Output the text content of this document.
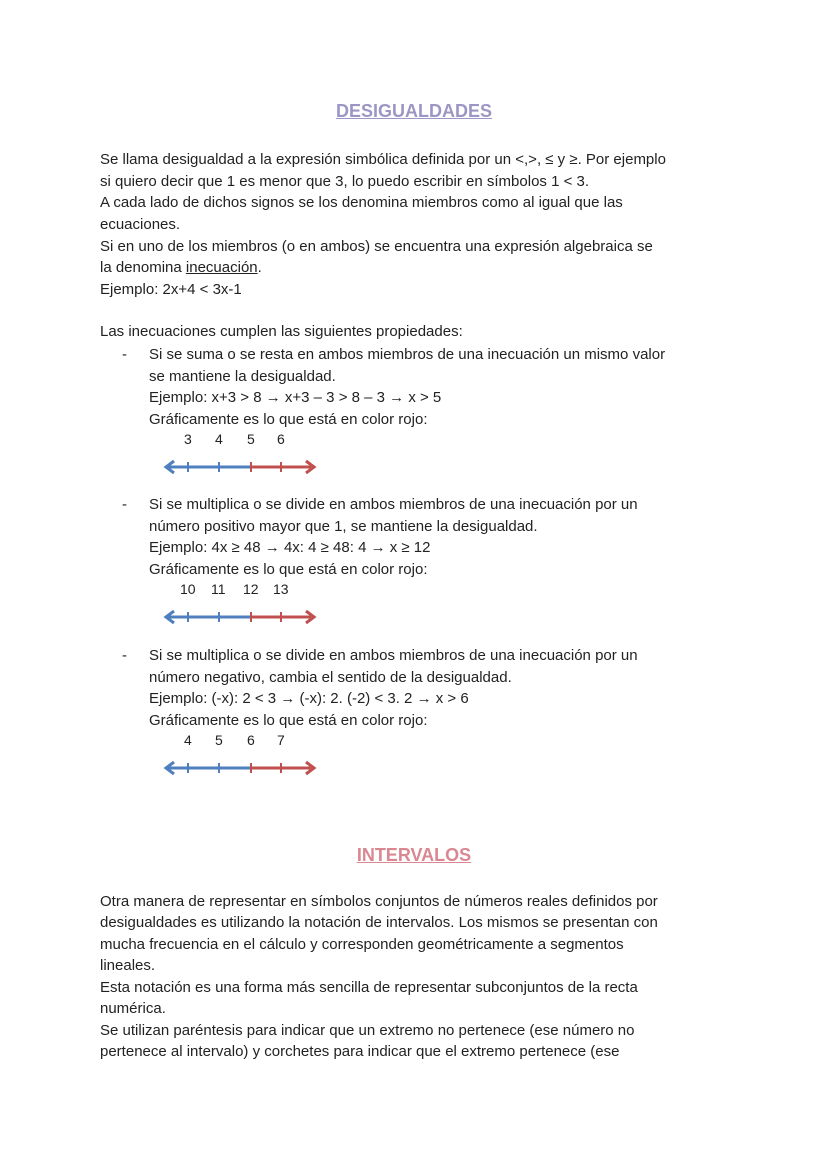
DESIGUALDADES
Se llama desigualdad a la expresión simbólica definida por un <,>, ≤ y ≥. Por ejemplo
si quiero decir que 1 es menor que 3, lo puedo escribir en símbolos 1 < 3.
A cada lado de dichos signos se los denomina miembros como al igual que las
ecuaciones.
Si en uno de los miembros (o en ambos) se encuentra una expresión algebraica se
la denomina inecuación.
Ejemplo: 2x+4 < 3x-1
Las inecuaciones cumplen las siguientes propiedades:
INTERVALOS
Otra manera de representar en símbolos conjuntos de números reales definidos por
desigualdades es utilizando la notación de intervalos. Los mismos se presentan con
mucha frecuencia en el cálculo y corresponden geométricamente a segmentos
lineales.
Esta notación es una forma más sencilla de representar subconjuntos de la recta
numérica.
Se utilizan paréntesis para indicar que un extremo no pertenece (ese número no
pertenece al intervalo) y corchetes para indicar que el extremo pertenece (ese
- Si se suma o se resta en ambos miembros de una inecuación un mismo valor
se mantiene la desigualdad.
Ejemplo: x+3 > 8 → x+3 – 3 > 8 – 3 → x > 5
Gráficamente es lo que está en color rojo:
3 4 5 6
- Si se multiplica o se divide en ambos miembros de una inecuación por un
número positivo mayor que 1, se mantiene la desigualdad.
Ejemplo: 4x ≥ 48 → 4x: 4 ≥ 48: 4 → x ≥ 12
Gráficamente es lo que está en color rojo:
10 11 12 13
- Si se multiplica o se divide en ambos miembros de una inecuación por un
número negativo, cambia el sentido de la desigualdad.
Ejemplo: (-x): 2 < 3 → (-x): 2. (-2) < 3. 2 → x > 6
Gráficamente es lo que está en color rojo:
4 5 6 7
